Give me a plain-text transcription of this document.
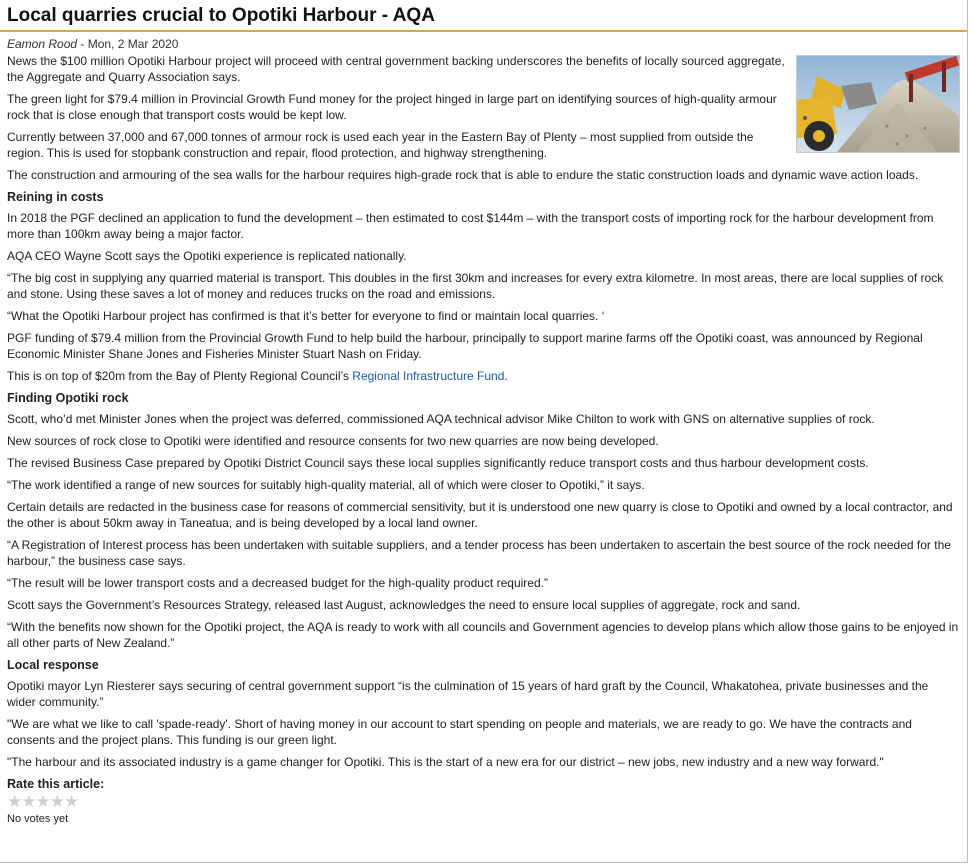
Local quarries crucial to Opotiki Harbour - AQA
Eamon Rood - Mon, 2 Mar 2020

News the $100 million Opotiki Harbour project will proceed with central government backing underscores the benefits of locally sourced aggregate, the Aggregate and Quarry Association says.

The green light for $79.4 million in Provincial Growth Fund money for the project hinged in large part on identifying sources of high-quality armour rock that is close enough that transport costs would be kept low.

Currently between 37,000 and 67,000 tonnes of armour rock is used each year in the Eastern Bay of Plenty – most supplied from outside the region. This is used for stopbank construction and repair, flood protection, and highway strengthening.

The construction and armouring of the sea walls for the harbour requires high-grade rock that is able to endure the static construction loads and dynamic wave action loads.

Reining in costs

In 2018 the PGF declined an application to fund the development – then estimated to cost $144m – with the transport costs of importing rock for the harbour development from more than 100km away being a major factor.

AQA CEO Wayne Scott says the Opotiki experience is replicated nationally.

“The big cost in supplying any quarried material is transport. This doubles in the first 30km and increases for every extra kilometre. In most areas, there are local supplies of rock and stone. Using these saves a lot of money and reduces trucks on the road and emissions.

“What the Opotiki Harbour project has confirmed is that it’s better for everyone to find or maintain local quarries. ‘

PGF funding of $79.4 million from the Provincial Growth Fund to help build the harbour, principally to support marine farms off the Opotiki coast, was announced by Regional Economic Minister Shane Jones and Fisheries Minister Stuart Nash on Friday.

This is on top of $20m from the Bay of Plenty Regional Council’s Regional Infrastructure Fund.

Finding Opotiki rock

Scott, who’d met Minister Jones when the project was deferred, commissioned AQA technical advisor Mike Chilton to work with GNS on alternative supplies of rock.

New sources of rock close to Opotiki were identified and resource consents for two new quarries are now being developed.

The revised Business Case prepared by Opotiki District Council says these local supplies significantly reduce transport costs and thus harbour development costs.

“The work identified a range of new sources for suitably high-quality material, all of which were closer to Opotiki,” it says.

Certain details are redacted in the business case for reasons of commercial sensitivity, but it is understood one new quarry is close to Opotiki and owned by a local contractor, and the other is about 50km away in Taneatua, and is being developed by a local land owner.

“A Registration of Interest process has been undertaken with suitable suppliers, and a tender process has been undertaken to ascertain the best source of the rock needed for the harbour,” the business case says.

“The result will be lower transport costs and a decreased budget for the high-quality product required.”

Scott says the Government’s Resources Strategy, released last August, acknowledges the need to ensure local supplies of aggregate, rock and sand.

“With the benefits now shown for the Opotiki project, the AQA is ready to work with all councils and Government agencies to develop plans which allow those gains to be enjoyed in all other parts of New Zealand.”

Local response

Opotiki mayor Lyn Riesterer says securing of central government support “is the culmination of 15 years of hard graft by the Council, Whakatohea, private businesses and the wider community.”

"We are what we like to call 'spade-ready'. Short of having money in our account to start spending on people and materials, we are ready to go. We have the contracts and consents and the project plans. This funding is our green light.

"The harbour and its associated industry is a game changer for Opotiki. This is the start of a new era for our district – new jobs, new industry and a new way forward."

Rate this article:
★★★★★
No votes yet
